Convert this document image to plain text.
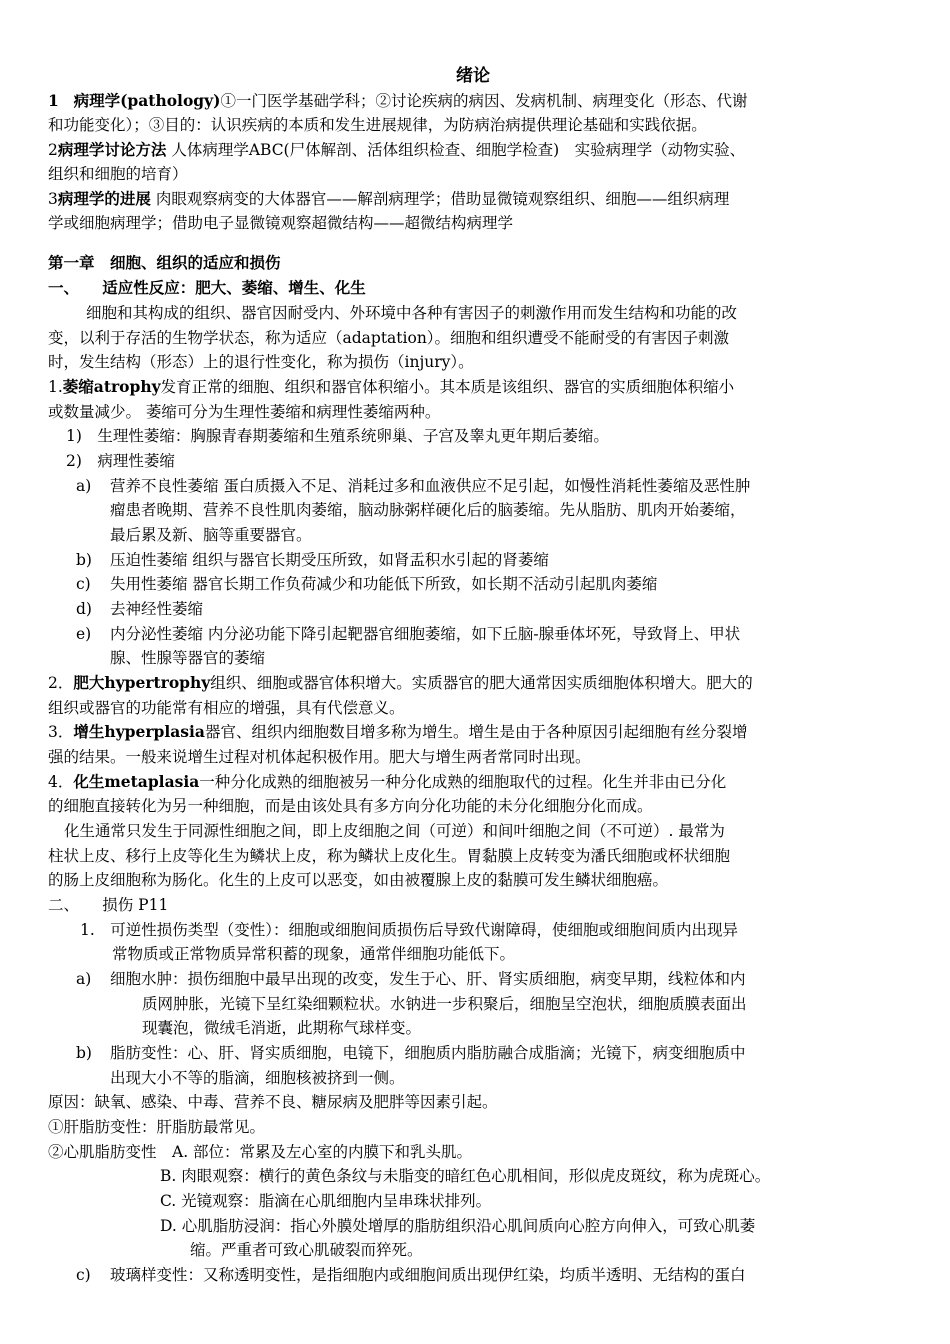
绪论
1 病理学(pathology)①一门医学基础学科；②讨论疾病的病因、发病机制、病理变化（形态、代谢
和功能变化）；③目的：认识疾病的本质和发生进展规律，为防病治病提供理论基础和实践依据。
2病理学讨论方法 人体病理学ABC(尸体解剖、活体组织检查、细胞学检查)　实验病理学（动物实验、
组织和细胞的培育）
3病理学的进展 肉眼观察病变的大体器官——解剖病理学；借助显微镜观察组织、细胞——组织病理
学或细胞病理学；借助电子显微镜观察超微结构——超微结构病理学
第一章　细胞、组织的适应和损伤
一、　　适应性反应：肥大、萎缩、增生、化生
细胞和其构成的组织、器官因耐受内、外环境中各种有害因子的刺激作用而发生结构和功能的改
变，以利于存活的生物学状态，称为适应（adaptation）。细胞和组织遭受不能耐受的有害因子刺激
时，发生结构（形态）上的退行性变化，称为损伤（injury）。
1.萎缩atrophy发育正常的细胞、组织和器官体积缩小。其本质是该组织、器官的实质细胞体积缩小
或数量减少。 萎缩可分为生理性萎缩和病理性萎缩两种。
1)　生理性萎缩：胸腺青春期萎缩和生殖系统卵巢、子宫及睾丸更年期后萎缩。
2)　病理性萎缩
a) 营养不良性萎缩 蛋白质摄入不足、消耗过多和血液供应不足引起，如慢性消耗性萎缩及恶性肿
瘤患者晚期、营养不良性肌肉萎缩，脑动脉粥样硬化后的脑萎缩。先从脂肪、肌肉开始萎缩，
最后累及新、脑等重要器官。
b) 压迫性萎缩 组织与器官长期受压所致，如肾盂积水引起的肾萎缩
c) 失用性萎缩 器官长期工作负荷减少和功能低下所致，如长期不活动引起肌肉萎缩
d) 去神经性萎缩
e) 内分泌性萎缩 内分泌功能下降引起靶器官细胞萎缩，如下丘脑-腺垂体坏死，导致肾上、甲状
腺、性腺等器官的萎缩
2．肥大hypertrophy组织、细胞或器官体积增大。实质器官的肥大通常因实质细胞体积增大。肥大的
组织或器官的功能常有相应的增强，具有代偿意义。
3．增生hyperplasia器官、组织内细胞数目增多称为增生。增生是由于各种原因引起细胞有丝分裂增
强的结果。一般来说增生过程对机体起积极作用。肥大与增生两者常同时出现。
4．化生metaplasia一种分化成熟的细胞被另一种分化成熟的细胞取代的过程。化生并非由已分化
的细胞直接转化为另一种细胞，而是由该处具有多方向分化功能的未分化细胞分化而成。
化生通常只发生于同源性细胞之间，即上皮细胞之间（可逆）和间叶细胞之间（不可逆）. 最常为
柱状上皮、移行上皮等化生为鳞状上皮，称为鳞状上皮化生。胃黏膜上皮转变为潘氏细胞或杯状细胞
的肠上皮细胞称为肠化。化生的上皮可以恶变，如由被覆腺上皮的黏膜可发生鳞状细胞癌。
二、　　损伤 P11
1.　可逆性损伤类型（变性）：细胞或细胞间质损伤后导致代谢障碍，使细胞或细胞间质内出现异
常物质或正常物质异常积蓄的现象，通常伴细胞功能低下。
a) 细胞水肿：损伤细胞中最早出现的改变，发生于心、肝、肾实质细胞，病变早期，线粒体和内
质网肿胀，光镜下呈红染细颗粒状。水钠进一步积聚后，细胞呈空泡状，细胞质膜表面出
现囊泡，微绒毛消逝，此期称气球样变。
b) 脂肪变性：心、肝、肾实质细胞，电镜下，细胞质内脂肪融合成脂滴；光镜下，病变细胞质中
出现大小不等的脂滴，细胞核被挤到一侧。
原因：缺氧、感染、中毒、营养不良、糖尿病及肥胖等因素引起。
①肝脂肪变性：肝脂肪最常见。
②心肌脂肪变性　A. 部位：常累及左心室的内膜下和乳头肌。
B. 肉眼观察：横行的黄色条纹与未脂变的暗红色心肌相间，形似虎皮斑纹，称为虎斑心。
C. 光镜观察：脂滴在心肌细胞内呈串珠状排列。
D. 心肌脂肪浸润：指心外膜处增厚的脂肪组织沿心肌间质向心腔方向伸入，可致心肌萎
缩。严重者可致心肌破裂而猝死。
c) 玻璃样变性：又称透明变性，是指细胞内或细胞间质出现伊红染，均质半透明、无结构的蛋白
